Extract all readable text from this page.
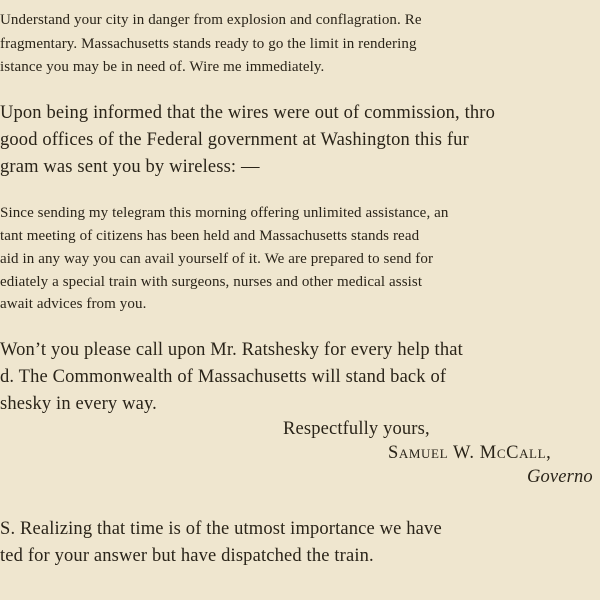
Understand your city in danger from explosion and conflagration. Re
fragmentary. Massachusetts stands ready to go the limit in rendering
istance you may be in need of. Wire me immediately.
Upon being informed that the wires were out of commission, thro
good offices of the Federal government at Washington this fur
gram was sent you by wireless: —
Since sending my telegram this morning offering unlimited assistance, an
tant meeting of citizens has been held and Massachusetts stands read
aid in any way you can avail yourself of it. We are prepared to send for
ediately a special train with surgeons, nurses and other medical assist
await advices from you.
Won’t you please call upon Mr. Ratshesky for every help that
d. The Commonwealth of Massachusetts will stand back of
shesky in every way.
Respectfully yours,
Samuel W. McCall,
Governo
S. Realizing that time is of the utmost importance we have
ted for your answer but have dispatched the train.
